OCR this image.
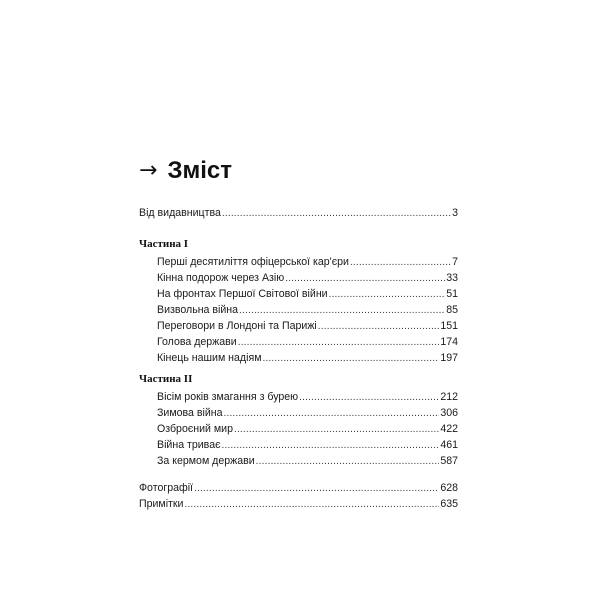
→ Зміст
Від видавництва .....	3
Частина I
Перші десятиліття офіцерської кар'єри .....	7
Кінна подорож через Азію .....	33
На фронтах Першої Світової війни .....	51
Визвольна війна .....	85
Переговори в Лондоні та Парижі .....	151
Голова держави .....	174
Кінець нашим надіям .....	197
Частина II
Вісім років змагання з бурею .....	212
Зимова війна .....	306
Озброєний мир .....	422
Війна триває .....	461
За кермом держави .....	587
Фотографії .....	628
Примітки .....	635
